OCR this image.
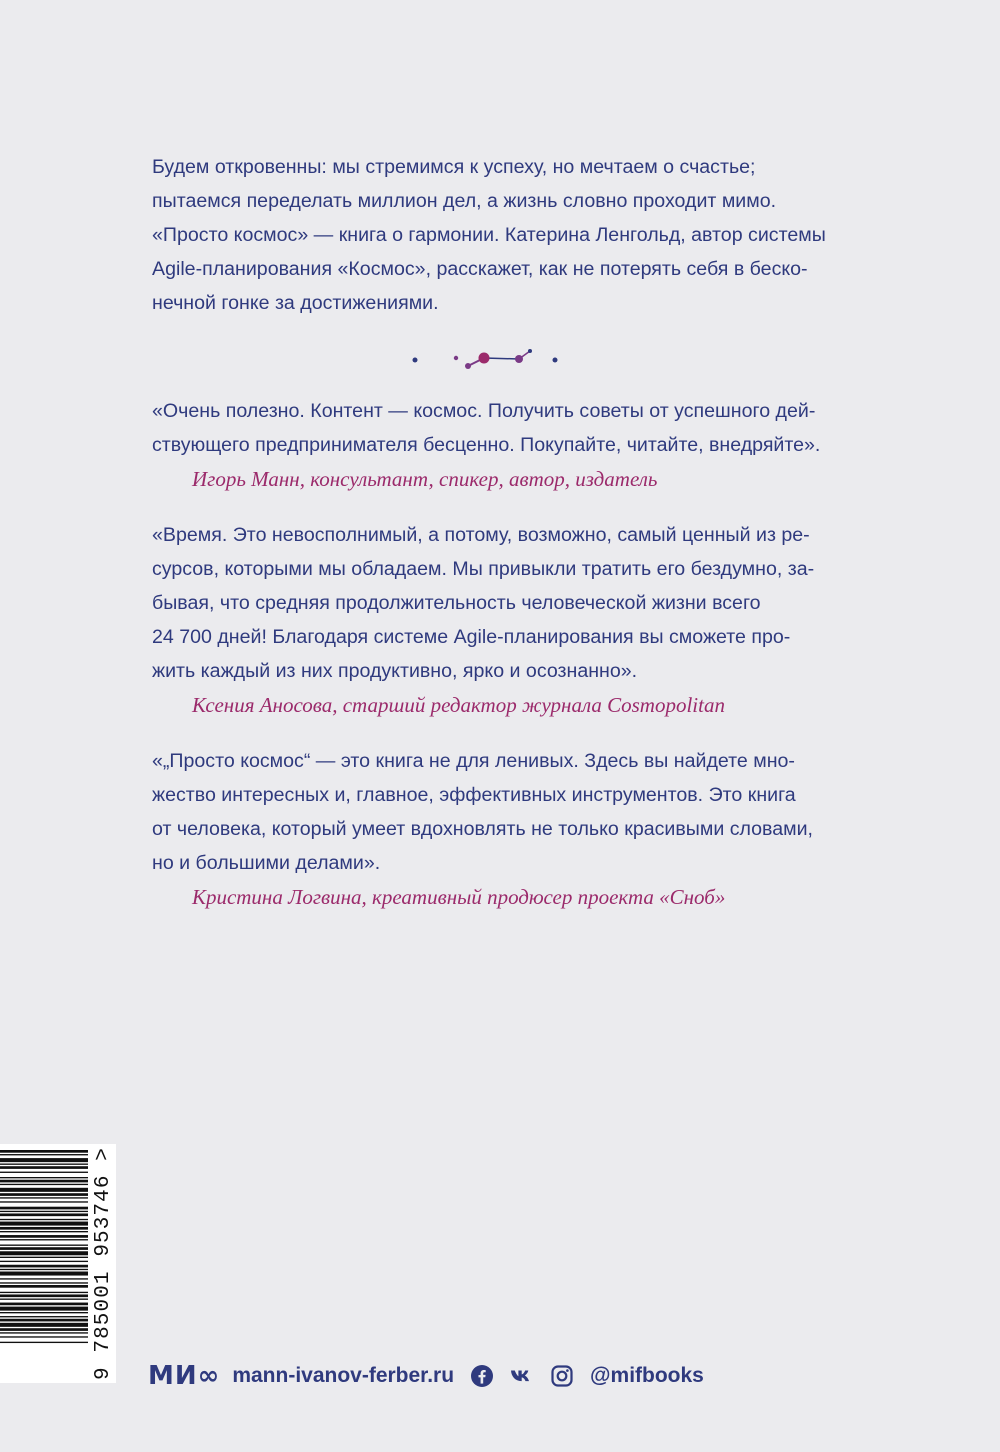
Будем откровенны: мы стремимся к успеху, но мечтаем о счастье;
пытаемся переделать миллион дел, а жизнь словно проходит мимо.
«Просто космос» — книга о гармонии. Катерина Ленгольд, автор системы
Agile-планирования «Космос», расскажет, как не потерять себя в беско-
нечной гонке за достижениями.
«Очень полезно. Контент — космос. Получить советы от успешного дей-
ствующего предпринимателя бесценно. Покупайте, читайте, внедряйте».
Игорь Манн, консультант, спикер, автор, издатель
«Время. Это невосполнимый, а потому, возможно, самый ценный из ре-
сурсов, которыми мы обладаем. Мы привыкли тратить его бездумно, за-
бывая, что средняя продолжительность человеческой жизни всего
24 700 дней! Благодаря системе Agile-планирования вы сможете про-
жить каждый из них продуктивно, ярко и осознанно».
Ксения Аносова, старший редактор журнала Cosmopolitan
«„Просто космос“ — это книга не для ленивых. Здесь вы найдете мно-
жество интересных и, главное, эффективных инструментов. Это книга
от человека, который умеет вдохновлять не только красивыми словами,
но и большими делами».
Кристина Логвина, креативный продюсер проекта «Сноб»
9 785001 953746 > МИ∞ mann-ivanov-ferber.ru	@mifbooks
